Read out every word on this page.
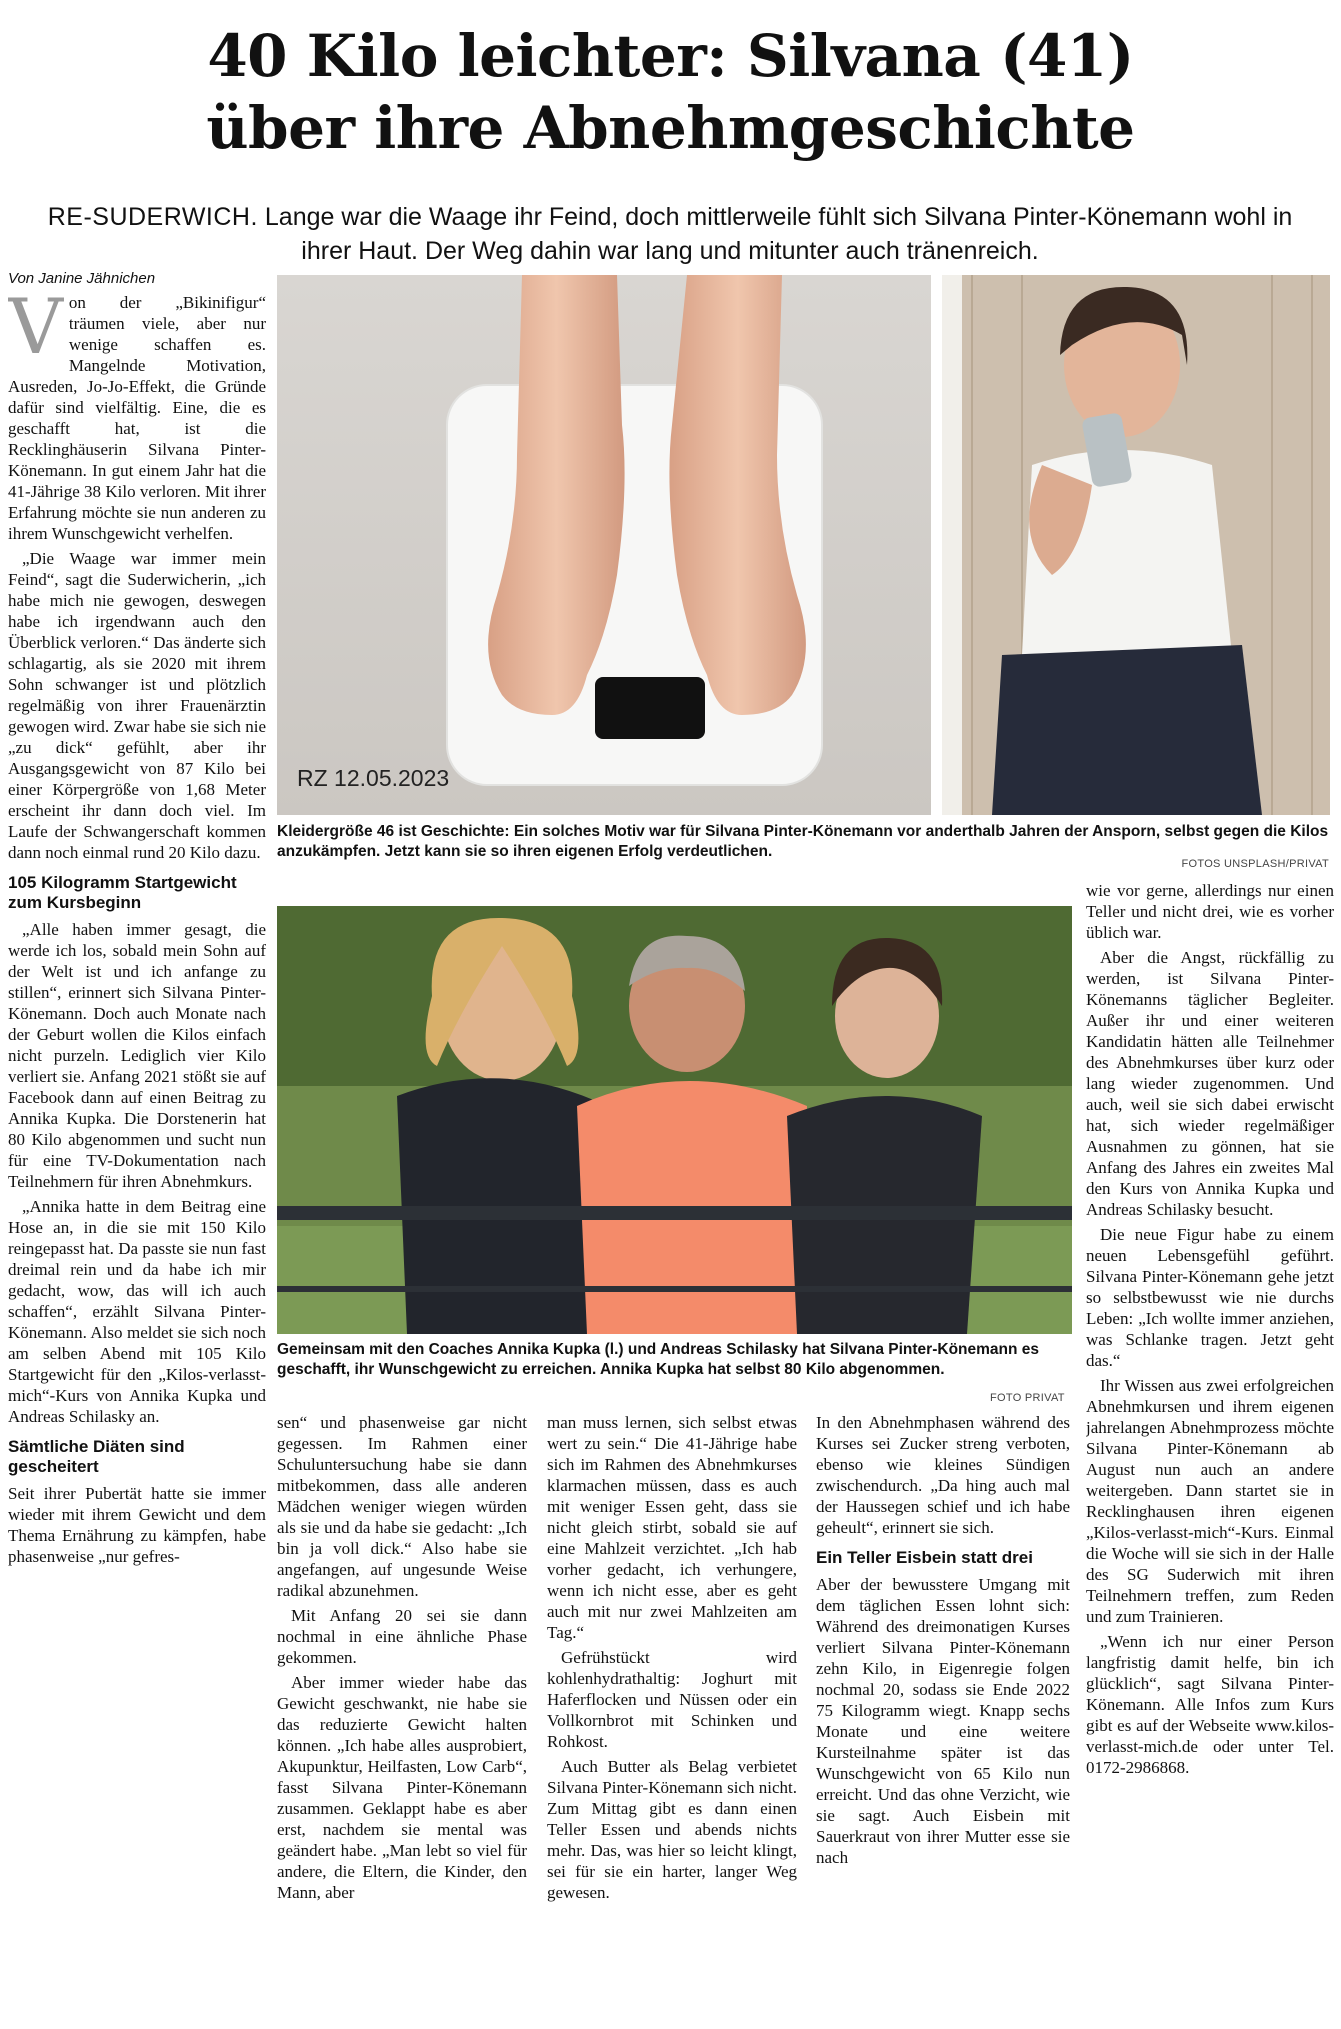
40 Kilo leichter: Silvana (41)
über ihre Abnehmgeschichte
RE-SUDERWICH. Lange war die Waage ihr Feind, doch mittlerweile fühlt sich Silvana Pinter-Könemann wohl in ihrer Haut. Der Weg dahin war lang und mitunter auch tränenreich.
Von Janine Jähnichen

Von der „Bikinifigur“ träumen viele, aber nur wenige schaffen es. Mangelnde Motivation, Ausreden, Jo-Jo-Effekt, die Gründe dafür sind vielfältig. Eine, die es geschafft hat, ist die Recklinghäuserin Silvana Pinter-Könemann. In gut einem Jahr hat die 41-Jährige 38 Kilo verloren. Mit ihrer Erfahrung möchte sie nun anderen zu ihrem Wunschgewicht verhelfen.

„Die Waage war immer mein Feind“, sagt die Suderwicherin, „ich habe mich nie gewogen, deswegen habe ich irgendwann auch den Überblick verloren.“ Das änderte sich schlagartig, als sie 2020 mit ihrem Sohn schwanger ist und plötzlich regelmäßig von ihrer Frauenärztin gewogen wird. Zwar habe sie sich nie „zu dick“ gefühlt, aber ihr Ausgangsgewicht von 87 Kilo bei einer Körpergröße von 1,68 Meter erscheint ihr dann doch viel. Im Laufe der Schwangerschaft kommen dann noch einmal rund 20 Kilo dazu.

105 Kilogramm Startgewicht zum Kursbeginn

„Alle haben immer gesagt, die werde ich los, sobald mein Sohn auf der Welt ist und ich anfange zu stillen“, erinnert sich Silvana Pinter-Könemann. Doch auch Monate nach der Geburt wollen die Kilos einfach nicht purzeln. Lediglich vier Kilo verliert sie. Anfang 2021 stößt sie auf Facebook dann auf einen Beitrag zu Annika Kupka. Die Dorstenerin hat 80 Kilo abgenommen und sucht nun für eine TV-Dokumentation nach Teilnehmern für ihren Abnehmkurs.

„Annika hatte in dem Beitrag eine Hose an, in die sie mit 150 Kilo reingepasst hat. Da passte sie nun fast dreimal rein und da habe ich mir gedacht, wow, das will ich auch schaffen“, erzählt Silvana Pinter-Könemann. Also meldet sie sich noch am selben Abend mit 105 Kilo Startgewicht für den „Kilos-verlasst-mich“-Kurs von Annika Kupka und Andreas Schilasky an.

Sämtliche Diäten sind gescheitert

Seit ihrer Pubertät hatte sie immer wieder mit ihrem Gewicht und dem Thema Ernährung zu kämpfen, habe phasenweise „nur gefres-

RZ 12.05.2023
Kleidergröße 46 ist Geschichte: Ein solches Motiv war für Silvana Pinter-Könemann vor anderthalb Jahren der Ansporn, selbst gegen die Kilos anzukämpfen. Jetzt kann sie so ihren eigenen Erfolg verdeutlichen.
FOTOS UNSPLASH/PRIVAT

wie vor gerne, allerdings nur einen Teller und nicht drei, wie es vorher üblich war.

Aber die Angst, rückfällig zu werden, ist Silvana Pinter-Könemanns täglicher Begleiter. Außer ihr und einer weiteren Kandidatin hätten alle Teilnehmer des Abnehmkurses über kurz oder lang wieder zugenommen. Und auch, weil sie sich dabei erwischt hat, sich wieder regelmäßiger Ausnahmen zu gönnen, hat sie Anfang des Jahres ein zweites Mal den Kurs von Annika Kupka und Andreas Schilasky besucht.

Die neue Figur habe zu einem neuen Lebensgefühl geführt. Silvana Pinter-Könemann gehe jetzt so selbstbewusst wie nie durchs Leben: „Ich wollte immer anziehen, was Schlanke tragen. Jetzt geht das.“

Ihr Wissen aus zwei erfolgreichen Abnehmkursen und ihrem eigenen jahrelangen Abnehmprozess möchte Silvana Pinter-Könemann ab August nun auch an andere weitergeben. Dann startet sie in Recklinghausen ihren eigenen „Kilos-verlasst-mich“-Kurs. Einmal die Woche will sie sich in der Halle des SG Suderwich mit ihren Teilnehmern treffen, zum Reden und zum Trainieren.

„Wenn ich nur einer Person langfristig damit helfe, bin ich glücklich“, sagt Silvana Pinter-Könemann. Alle Infos zum Kurs gibt es auf der Webseite www.kilos-verlasst-mich.de oder unter Tel. 0172-2986868.

Gemeinsam mit den Coaches Annika Kupka (l.) und Andreas Schilasky hat Silvana Pinter-Könemann es geschafft, ihr Wunschgewicht zu erreichen. Annika Kupka hat selbst 80 Kilo abgenommen.
FOTO PRIVAT

sen“ und phasenweise gar nicht gegessen. Im Rahmen einer Schuluntersuchung habe sie dann mitbekommen, dass alle anderen Mädchen weniger wiegen würden als sie und da habe sie gedacht: „Ich bin ja voll dick.“ Also habe sie angefangen, auf ungesunde Weise radikal abzunehmen.

Mit Anfang 20 sei sie dann nochmal in eine ähnliche Phase gekommen.

Aber immer wieder habe das Gewicht geschwankt, nie habe sie das reduzierte Gewicht halten können. „Ich habe alles ausprobiert, Akupunktur, Heilfasten, Low Carb“, fasst Silvana Pinter-Könemann zusammen. Geklappt habe es aber erst, nachdem sie mental was geändert habe. „Man lebt so viel für andere, die Eltern, die Kinder, den Mann, aber

man muss lernen, sich selbst etwas wert zu sein.“ Die 41-Jährige habe sich im Rahmen des Abnehmkurses klarmachen müssen, dass es auch mit weniger Essen geht, dass sie nicht gleich stirbt, sobald sie auf eine Mahlzeit verzichtet. „Ich hab vorher gedacht, ich verhungere, wenn ich nicht esse, aber es geht auch mit nur zwei Mahlzeiten am Tag.“

Gefrühstückt wird kohlenhydrathaltig: Joghurt mit Haferflocken und Nüssen oder ein Vollkornbrot mit Schinken und Rohkost.

Auch Butter als Belag verbietet Silvana Pinter-Könemann sich nicht. Zum Mittag gibt es dann einen Teller Essen und abends nichts mehr. Das, was hier so leicht klingt, sei für sie ein harter, langer Weg gewesen.

In den Abnehmphasen während des Kurses sei Zucker streng verboten, ebenso wie kleines Sündigen zwischendurch. „Da hing auch mal der Haussegen schief und ich habe geheult“, erinnert sie sich.

Ein Teller Eisbein statt drei

Aber der bewusstere Umgang mit dem täglichen Essen lohnt sich: Während des dreimonatigen Kurses verliert Silvana Pinter-Könemann zehn Kilo, in Eigenregie folgen nochmal 20, sodass sie Ende 2022 75 Kilogramm wiegt. Knapp sechs Monate und eine weitere Kursteilnahme später ist das Wunschgewicht von 65 Kilo nun erreicht. Und das ohne Verzicht, wie sie sagt. Auch Eisbein mit Sauerkraut von ihrer Mutter esse sie nach
